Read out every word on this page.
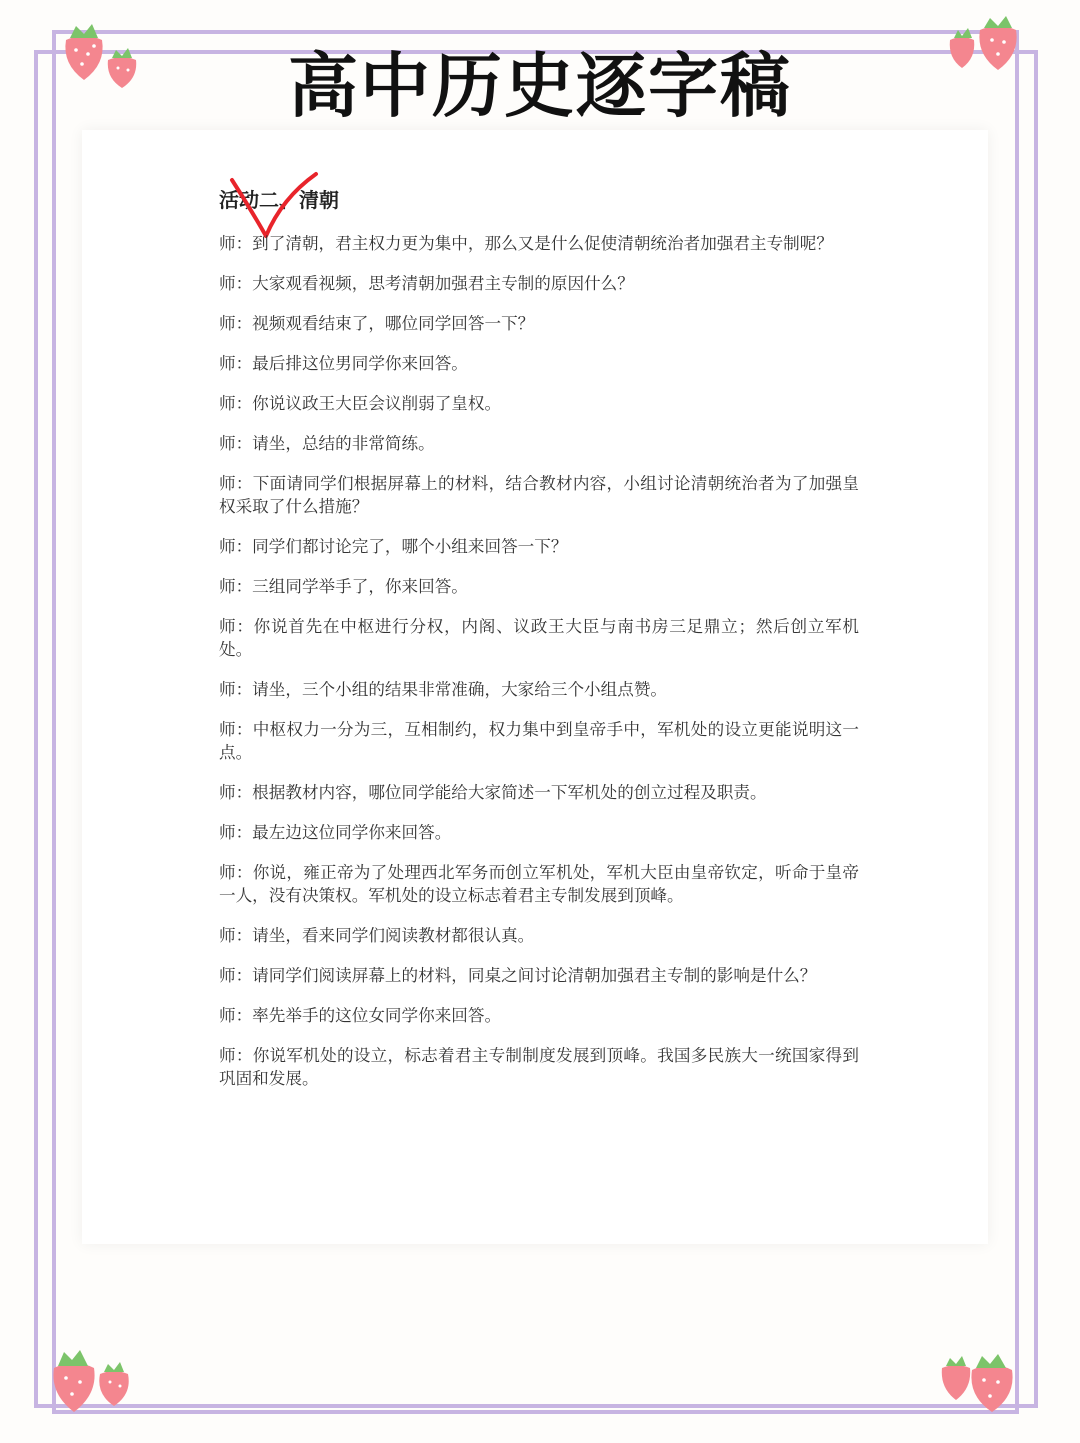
高中历史逐字稿
活动二、清朝

师：到了清朝，君主权力更为集中，那么又是什么促使清朝统治者加强君主专制呢？

师：大家观看视频，思考清朝加强君主专制的原因什么？

师：视频观看结束了，哪位同学回答一下？

师：最后排这位男同学你来回答。

师：你说议政王大臣会议削弱了皇权。

师：请坐，总结的非常简练。

师：下面请同学们根据屏幕上的材料，结合教材内容，小组讨论清朝统治者为了加强皇权采取了什么措施？

师：同学们都讨论完了，哪个小组来回答一下？

师：三组同学举手了，你来回答。

师：你说首先在中枢进行分权，内阁、议政王大臣与南书房三足鼎立；然后创立军机处。

师：请坐，三个小组的结果非常准确，大家给三个小组点赞。

师：中枢权力一分为三，互相制约，权力集中到皇帝手中，军机处的设立更能说明这一点。

师：根据教材内容，哪位同学能给大家简述一下军机处的创立过程及职责。

师：最左边这位同学你来回答。

师：你说，雍正帝为了处理西北军务而创立军机处，军机大臣由皇帝钦定，听命于皇帝一人，没有决策权。军机处的设立标志着君主专制发展到顶峰。

师：请坐，看来同学们阅读教材都很认真。

师：请同学们阅读屏幕上的材料，同桌之间讨论清朝加强君主专制的影响是什么？

师：率先举手的这位女同学你来回答。

师：你说军机处的设立，标志着君主专制制度发展到顶峰。我国多民族大一统国家得到巩固和发展。
